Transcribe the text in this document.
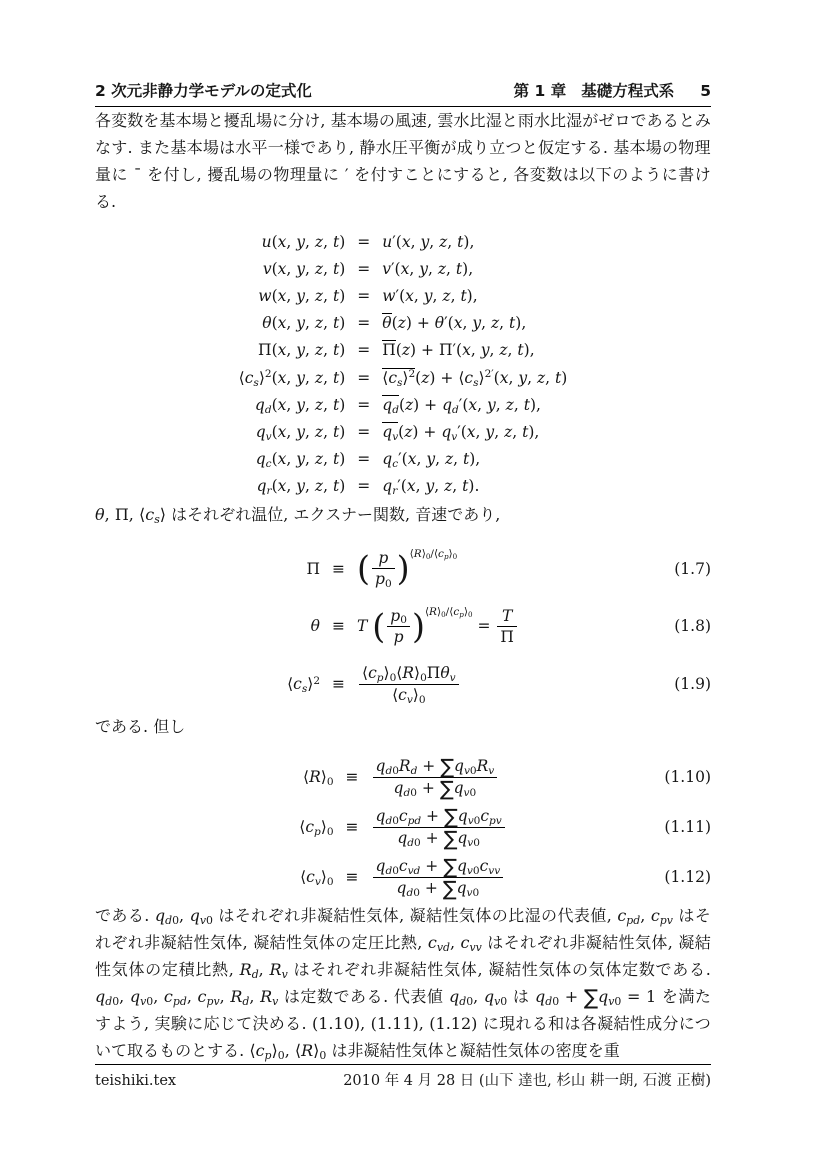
2 次元非静力学モデルの定式化	第 1 章 基礎方程式系 5

各変数を基本場と擾乱場に分け, 基本場の風速, 雲水比湿と雨水比湿がゼロであるとみなす. また基本場は水平一様であり, 静水圧平衡が成り立つと仮定する. 基本場の物理量に ¯ を付し, 擾乱場の物理量に ′ を付すことにすると, 各変数は以下のように書ける.

u(x, y, z, t) = u′(x, y, z, t),
v(x, y, z, t) = v′(x, y, z, t),
w(x, y, z, t) = w′(x, y, z, t),
θ(x, y, z, t) = θ(z) + θ′(x, y, z, t),
Π(x, y, z, t) = Π(z) + Π′(x, y, z, t),
$⟨c_s⟩^2(x$, y, z, $t) = ⟨c_s⟩^2(z)$ + $⟨c_s⟩^{2'}(x$, y, z, t)
$q_d(x$, y, z, $t) = q_d(z) + q_d'(x$, y, z, t),
$q_v(x$, y, z, $t) = q_v(z) + q_v'(x$, y, z, t),
$q_c(x$, y, z, $t) = q_c'(x$, y, z, t),
$q_r(x$, y, z, $t) = q_r'(x$, y, z, t).

θ, Π, $⟨c_s⟩$ はそれぞれ温位, エクスナー関数, 音速であり,

Π ≡ ( $\frac{p}{p_0} )^{⟨R⟩_0/⟨c_p⟩_0}$
(1.7)
θ ≡ T ( $\frac{p_0}{p} )^{⟨R⟩_0/⟨c_p⟩_0} = \frac{T}{\Pi}$	(1.8)
$⟨c_s⟩^2$ ≡
$⟨c_p⟩_0⟨R⟩_0\Pi\theta_v$
$⟨c_v⟩_0$
(1.9)

である. 但し

$⟨R⟩_0 \equiv \frac{q_{d0}R_d + \sum q_{v0}R_v}{q_{d0} + \sum q_{v0}}$	(1.10)
$⟨c_p⟩_0$ ≡
$q_{d0}c_{pd} + \sum q_{v0}c_{pv}$
$q_{d0} + \sum q_{v0}$
(1.11)
$⟨c_v⟩_0$ ≡
$q_{d0}c_{vd} + \sum q_{v0}c_{vv}$
$q_{d0} + \sum q_{v0}$
(1.12)

である. $q_{d0}$, $q_{v0}$ はそれぞれ非凝結性気体, 凝結性気体の比湿の代表値, $c_{pd}$, $c_{pv}$ はそれぞれ非凝結性気体, 凝結性気体の定圧比熱, $c_{vd}$, $c_{vv}$ はそれぞれ非凝結性気体, 凝結性気体の定積比熱, $R_d$, $R_v$ はそれぞれ非凝結性気体, 凝結性気体の気体定数である. $q_{d0}$, $q_{v0}$, $c_{pd}$, $c_{pv}$, $R_d$, $R_v$ は定数である. 代表値 $q_{d0}$, $q_{v0}$ は $q_{d0} + \sum q_{v0} = 1$ を満たすよう, 実験に応じて決める. (1.10), (1.11), (1.12) に現れる和は各凝結性成分について取るものとする. $⟨c_p⟩_0$, $⟨R⟩_0$ は非凝結性気体と凝結性気体の密度を重

teishiki.tex	2010 年 4 月 28 日 (山下 達也, 杉山 耕一朗, 石渡 正樹)
